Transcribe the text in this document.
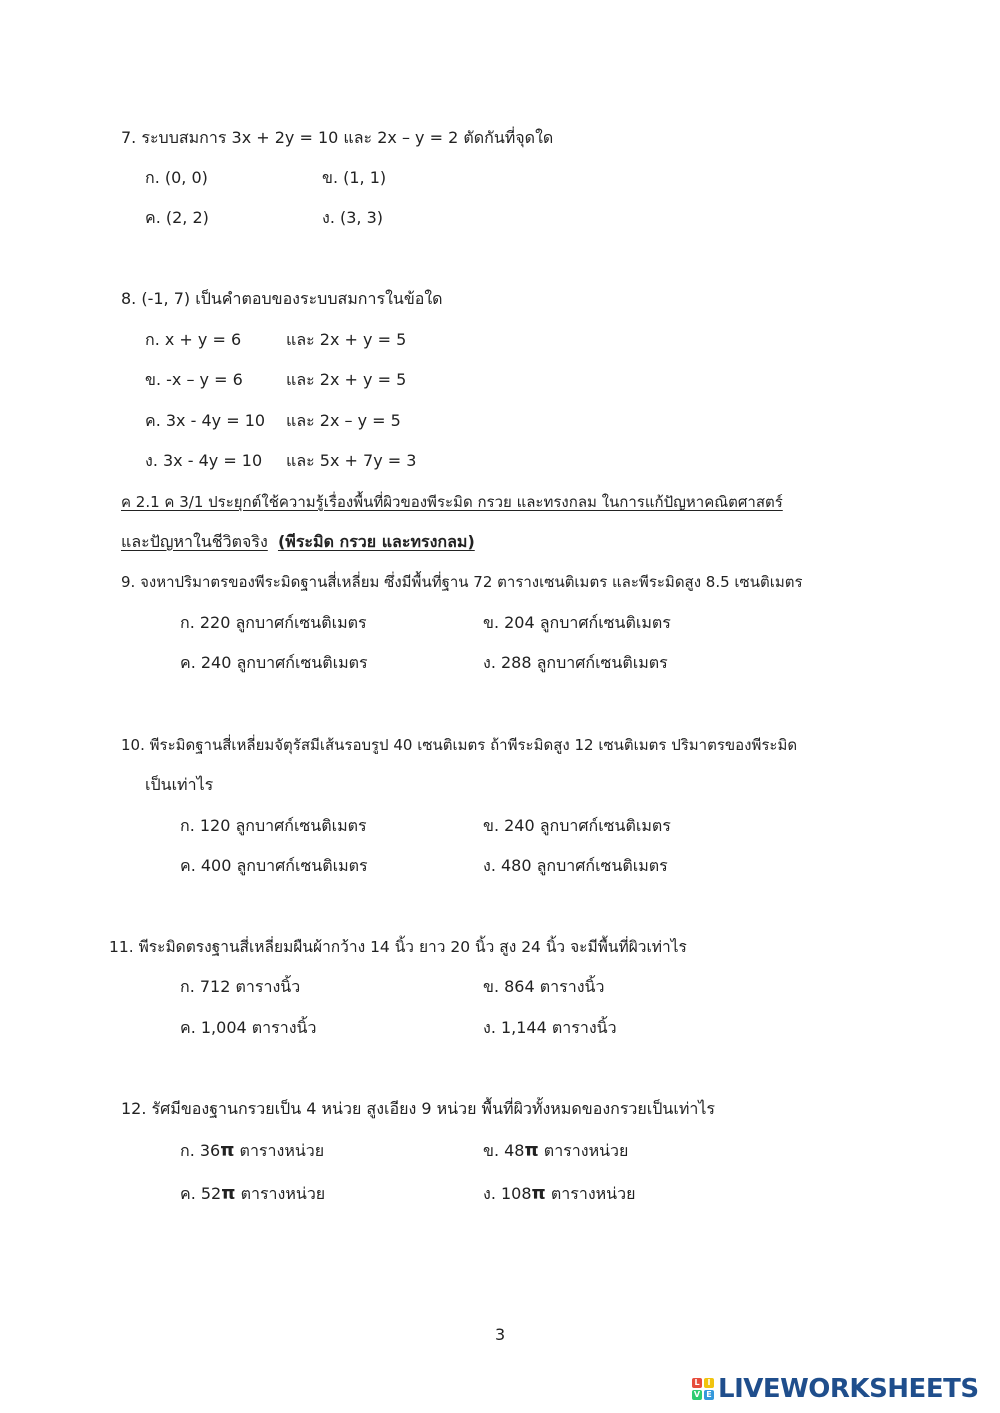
7. ระบบสมการ 3x + 2y = 10 และ 2x – y = 2 ตัดกันที่จุดใด
ก. (0, 0)	ข. (1, 1)
ค. (2, 2)	ง. (3, 3)
8. (-1, 7) เป็นคำตอบของระบบสมการในข้อใด
ก. x + y = 6	และ 2x + y = 5
ข. -x – y = 6	และ 2x + y = 5
ค. 3x - 4y = 10 และ 2x – y = 5
ง. 3x - 4y = 10 และ 5x + 7y = 3
ค 2.1 ค 3/1 ประยุกต์ใช้ความรู้เรื่องพื้นที่ผิวของพีระมิด กรวย และทรงกลม ในการแก้ปัญหาคณิตศาสตร์
และปัญหาในชีวิตจริง (พีระมิด กรวย และทรงกลม)
9. จงหาปริมาตรของพีระมิดฐานสี่เหลี่ยม ซึ่งมีพื้นที่ฐาน 72 ตารางเซนติเมตร และพีระมิดสูง 8.5 เซนติเมตร
ก. 220 ลูกบาศก์เซนติเมตร	ข. 204 ลูกบาศก์เซนติเมตร
ค. 240 ลูกบาศก์เซนติเมตร	ง. 288 ลูกบาศก์เซนติเมตร
10. พีระมิดฐานสี่เหลี่ยมจัตุรัสมีเส้นรอบรูป 40 เซนติเมตร ถ้าพีระมิดสูง 12 เซนติเมตร ปริมาตรของพีระมิด
เป็นเท่าไร
ก. 120 ลูกบาศก์เซนติเมตร	ข. 240 ลูกบาศก์เซนติเมตร
ค. 400 ลูกบาศก์เซนติเมตร	ง. 480 ลูกบาศก์เซนติเมตร
11. พีระมิดตรงฐานสี่เหลี่ยมผืนผ้ากว้าง 14 นิ้ว ยาว 20 นิ้ว สูง 24 นิ้ว จะมีพื้นที่ผิวเท่าไร
ก. 712 ตารางนิ้ว	ข. 864 ตารางนิ้ว
ค. 1,004 ตารางนิ้ว	ง. 1,144 ตารางนิ้ว
12. รัศมีของฐานกรวยเป็น 4 หน่วย สูงเอียง 9 หน่วย พื้นที่ผิวทั้งหมดของกรวยเป็นเท่าไร
ก. 36π ตารางหน่วย	ข. 48π ตารางหน่วย
ค. 52π ตารางหน่วย	ง. 108π ตารางหน่วย
3
L I
V E LIVEWORKSHEETS
